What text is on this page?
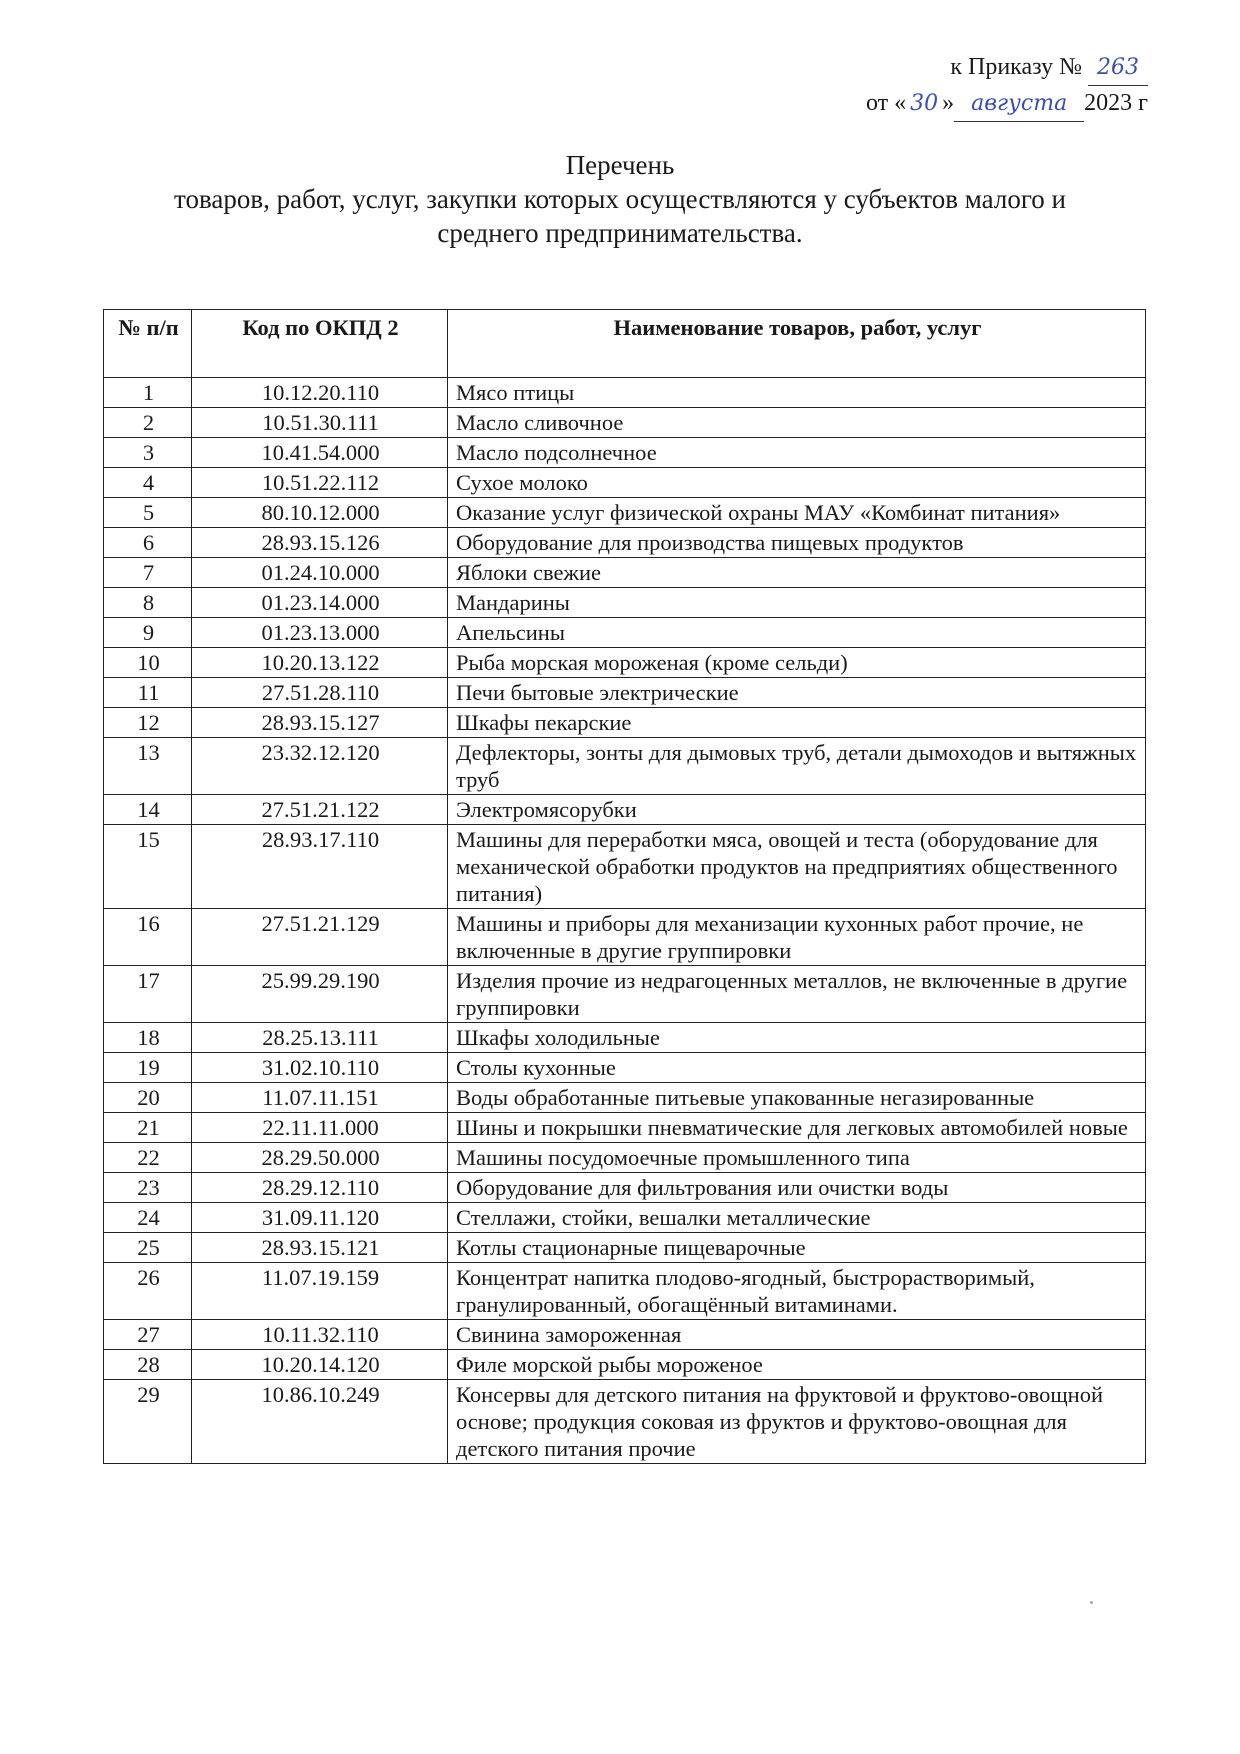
к Приказу № 263
от « 30 » августа 2023 г
Перечень
товаров, работ, услуг, закупки которых осуществляются у субъектов малого и
среднего предпринимательства.
№ п/п	Код по ОКПД 2	Наименование товаров, работ, услуг
1	10.12.20.110	Мясо птицы
2	10.51.30.111	Масло сливочное
3	10.41.54.000	Масло подсолнечное
4	10.51.22.112	Сухое молоко
5	80.10.12.000	Оказание услуг физической охраны МАУ «Комбинат питания»
6	28.93.15.126	Оборудование для производства пищевых продуктов
7	01.24.10.000	Яблоки свежие
8	01.23.14.000	Мандарины
9	01.23.13.000	Апельсины
10	10.20.13.122	Рыба морская мороженая (кроме сельди)
11	27.51.28.110	Печи бытовые электрические
12	28.93.15.127	Шкафы пекарские
13	23.32.12.120	Дефлекторы, зонты для дымовых труб, детали дымоходов и вытяжных труб
14	27.51.21.122	Электромясорубки
15	28.93.17.110	Машины для переработки мяса, овощей и теста (оборудование для механической обработки продуктов на предприятиях общественного питания)
16	27.51.21.129	Машины и приборы для механизации кухонных работ прочие, не включенные в другие группировки
17	25.99.29.190	Изделия прочие из недрагоценных металлов, не включенные в другие группировки
18	28.25.13.111	Шкафы холодильные
19	31.02.10.110	Столы кухонные
20	11.07.11.151	Воды обработанные питьевые упакованные негазированные
21	22.11.11.000	Шины и покрышки пневматические для легковых автомобилей новые
22	28.29.50.000	Машины посудомоечные промышленного типа
23	28.29.12.110	Оборудование для фильтрования или очистки воды
24	31.09.11.120	Стеллажи, стойки, вешалки металлические
25	28.93.15.121	Котлы стационарные пищеварочные
26	11.07.19.159	Концентрат напитка плодово-ягодный, быстрорастворимый, гранулированный, обогащённый витаминами.
27	10.11.32.110	Свинина замороженная
28	10.20.14.120	Филе морской рыбы мороженое
29	10.86.10.249	Консервы для детского питания на фруктовой и фруктово-овощной основе; продукция соковая из фруктов и фруктово-овощная для детского питания прочие
